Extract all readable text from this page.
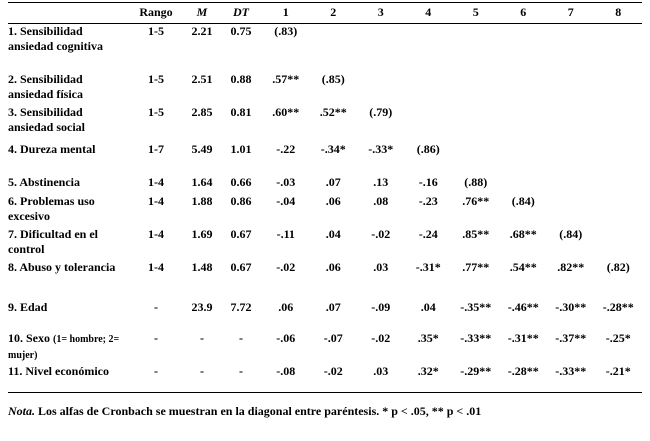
	Rango	M	DT	1	2	3	4	5	6	7	8
1. Sensibilidad ansiedad cognitiva	1-5	2.21	0.75	(.83)							
2. Sensibilidad ansiedad física	1-5	2.51	0.88	.57**	(.85)						
3. Sensibilidad ansiedad social	1-5	2.85	0.81	.60**	.52**	(.79)					
4. Dureza mental	1-7	5.49	1.01	-.22	-.34*	-.33*	(.86)				
5. Abstinencia	1-4	1.64	0.66	-.03	.07	.13	-.16	(.88)			
6. Problemas uso excesivo	1-4	1.88	0.86	-.04	.06	.08	-.23	.76**	(.84)		
7. Dificultad en el control	1-4	1.69	0.67	-.11	.04	-.02	-.24	.85**	.68**	(.84)	
8. Abuso y tolerancia	1-4	1.48	0.67	-.02	.06	.03	-.31*	.77**	.54**	.82**	(.82)
9. Edad	-	23.9	7.72	.06	.07	-.09	.04	-.35**	-.46**	-.30**	-.28**
10. Sexo (1= hombre; 2= mujer)	-	-	-	-.06	-.07	-.02	.35*	-.33**	-.31**	-.37**	-.25*
11. Nivel económico	-	-	-	-.08	-.02	.03	.32*	-.29**	-.28**	-.33**	-.21*
Nota. Los alfas de Cronbach se muestran en la diagonal entre paréntesis. * p < .05, ** p < .01
